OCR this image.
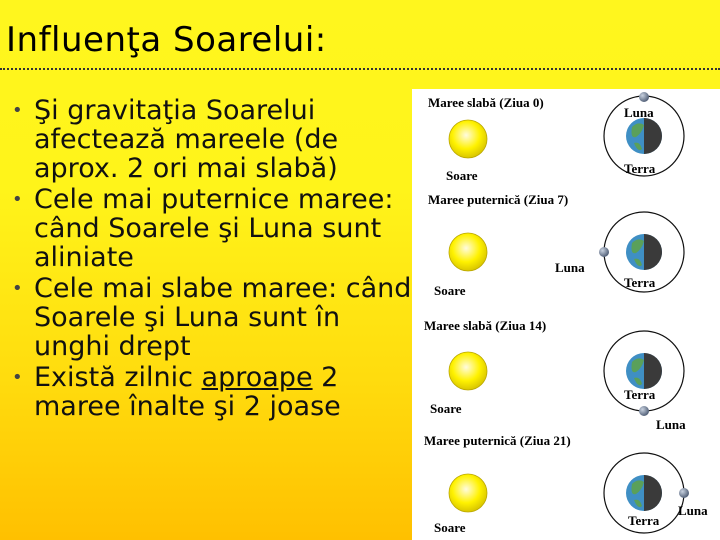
Influenţa Soarelui:
• Şi gravitaţia Soarelui afectează mareele (de aprox. 2 ori mai slabă)
• Cele mai puternice maree: când Soarele şi Luna sunt aliniate
• Cele mai slabe maree: când Soarele şi Luna sunt în unghi drept
• Există zilnic aproape 2 maree înalte şi 2 joase
Maree slabă (Ziua 0)
Soare
Luna
Terra
Maree puternică (Ziua 7)
Soare
Luna
Terra
Maree slabă (Ziua 14)
Soare
Luna
Terra
Maree puternică (Ziua 21)
Soare
Luna
Terra
